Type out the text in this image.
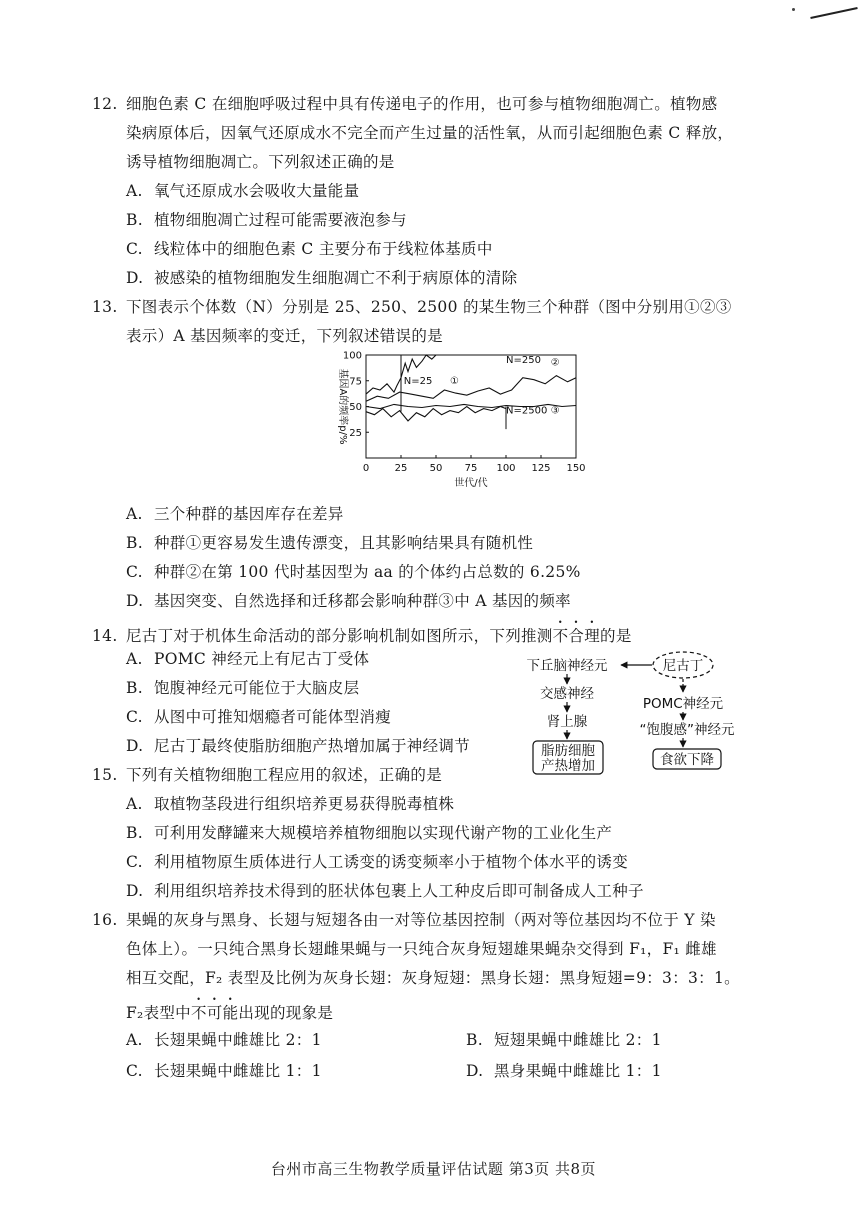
12. 细胞色素 C 在细胞呼吸过程中具有传递电子的作用，也可参与植物细胞凋亡。植物感
染病原体后，因氧气还原成水不完全而产生过量的活性氧，从而引起细胞色素 C 释放，
诱导植物细胞凋亡。下列叙述正确的是
A. 氧气还原成水会吸收大量能量
B. 植物细胞凋亡过程可能需要液泡参与
C. 线粒体中的细胞色素 C 主要分布于线粒体基质中
D. 被感染的植物细胞发生细胞凋亡不利于病原体的清除
13. 下图表示个体数（N）分别是 25、250、2500 的某生物三个种群（图中分别用①②③
表示）A 基因频率的变迁，下列叙述错误的是
0	25 50 75 100 125 150
100
75
50
25
世代/代
基因A的频率p/%	N=25 ①
N=250 ②
N=2500 ③
A. 三个种群的基因库存在差异
B. 种群①更容易发生遗传漂变，且其影响结果具有随机性
C. 种群②在第 100 代时基因型为 aa 的个体约占总数的 6.25%
D. 基因突变、自然选择和迁移都会影响种群③中 A 基因的频率
14. 尼古丁对于机体生命活动的部分影响机制如图所示，下列推测不合理的是
A. POMC 神经元上有尼古丁受体
B. 饱腹神经元可能位于大脑皮层
C. 从图中可推知烟瘾者可能体型消瘦
D. 尼古丁最终使脂肪细胞产热增加属于神经调节
尼古丁
下丘脑神经元
交感神经
肾上腺
脂肪细胞
产热增加
POMC神经元
“饱腹感”神经元
食欲下降
15. 下列有关植物细胞工程应用的叙述，正确的是
A. 取植物茎段进行组织培养更易获得脱毒植株
B. 可利用发酵罐来大规模培养植物细胞以实现代谢产物的工业化生产
C. 利用植物原生质体进行人工诱变的诱变频率小于植物个体水平的诱变
D. 利用组织培养技术得到的胚状体包裹上人工种皮后即可制备成人工种子
16. 果蝇的灰身与黑身、长翅与短翅各由一对等位基因控制（两对等位基因均不位于 Y 染
色体上）。一只纯合黑身长翅雌果蝇与一只纯合灰身短翅雄果蝇杂交得到 F₁，F₁ 雌雄
相互交配，F₂ 表型及比例为灰身长翅：灰身短翅：黑身长翅：黑身短翅=9：3：3：1。
F₂表型中不可能出现的现象是
A. 长翅果蝇中雌雄比 2：1	B. 短翅果蝇中雌雄比 2：1
C. 长翅果蝇中雌雄比 1：1	D. 黑身果蝇中雌雄比 1：1
台州市高三生物教学质量评估试题 第3页 共8页
